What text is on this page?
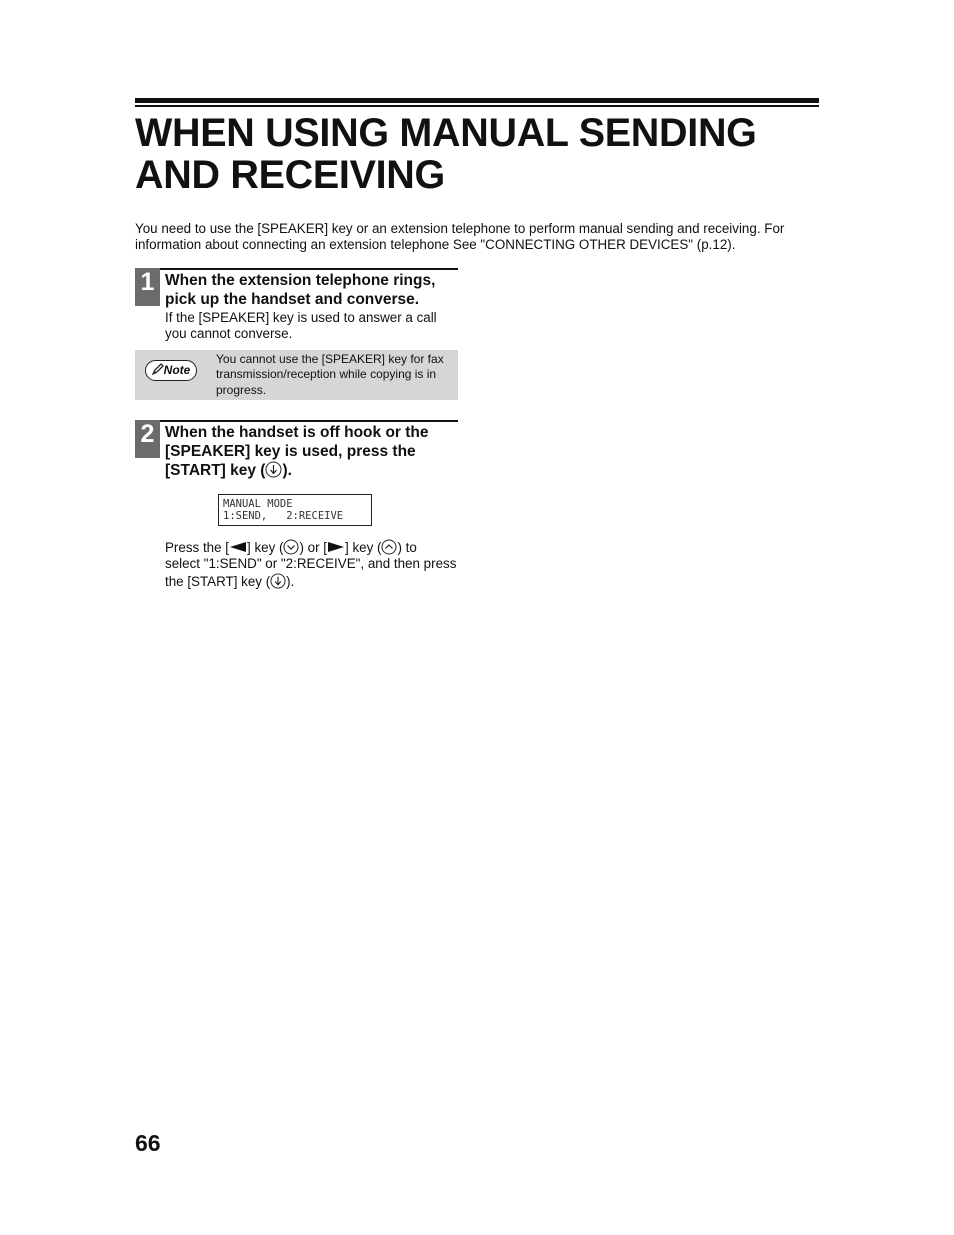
WHEN USING MANUAL SENDING
AND RECEIVING
You need to use the [SPEAKER] key or an extension telephone to perform manual sending and receiving. For
information about connecting an extension telephone See "CONNECTING OTHER DEVICES" (p.12).
1 When the extension telephone rings,
pick up the handset and converse.
If the [SPEAKER] key is used to answer a call
you cannot converse.
Note
You cannot use the [SPEAKER] key for fax
transmission/reception while copying is in
progress.
2 When the handset is off hook or the
[SPEAKER] key is used, press the
[START] key ( ).
MANUAL MODE
1:SEND,   2:RECEIVE
Press the [ ] key ( ) or [ ] key ( ) to
select "1:SEND" or "2:RECEIVE", and then press
the [START] key ( ).
66
